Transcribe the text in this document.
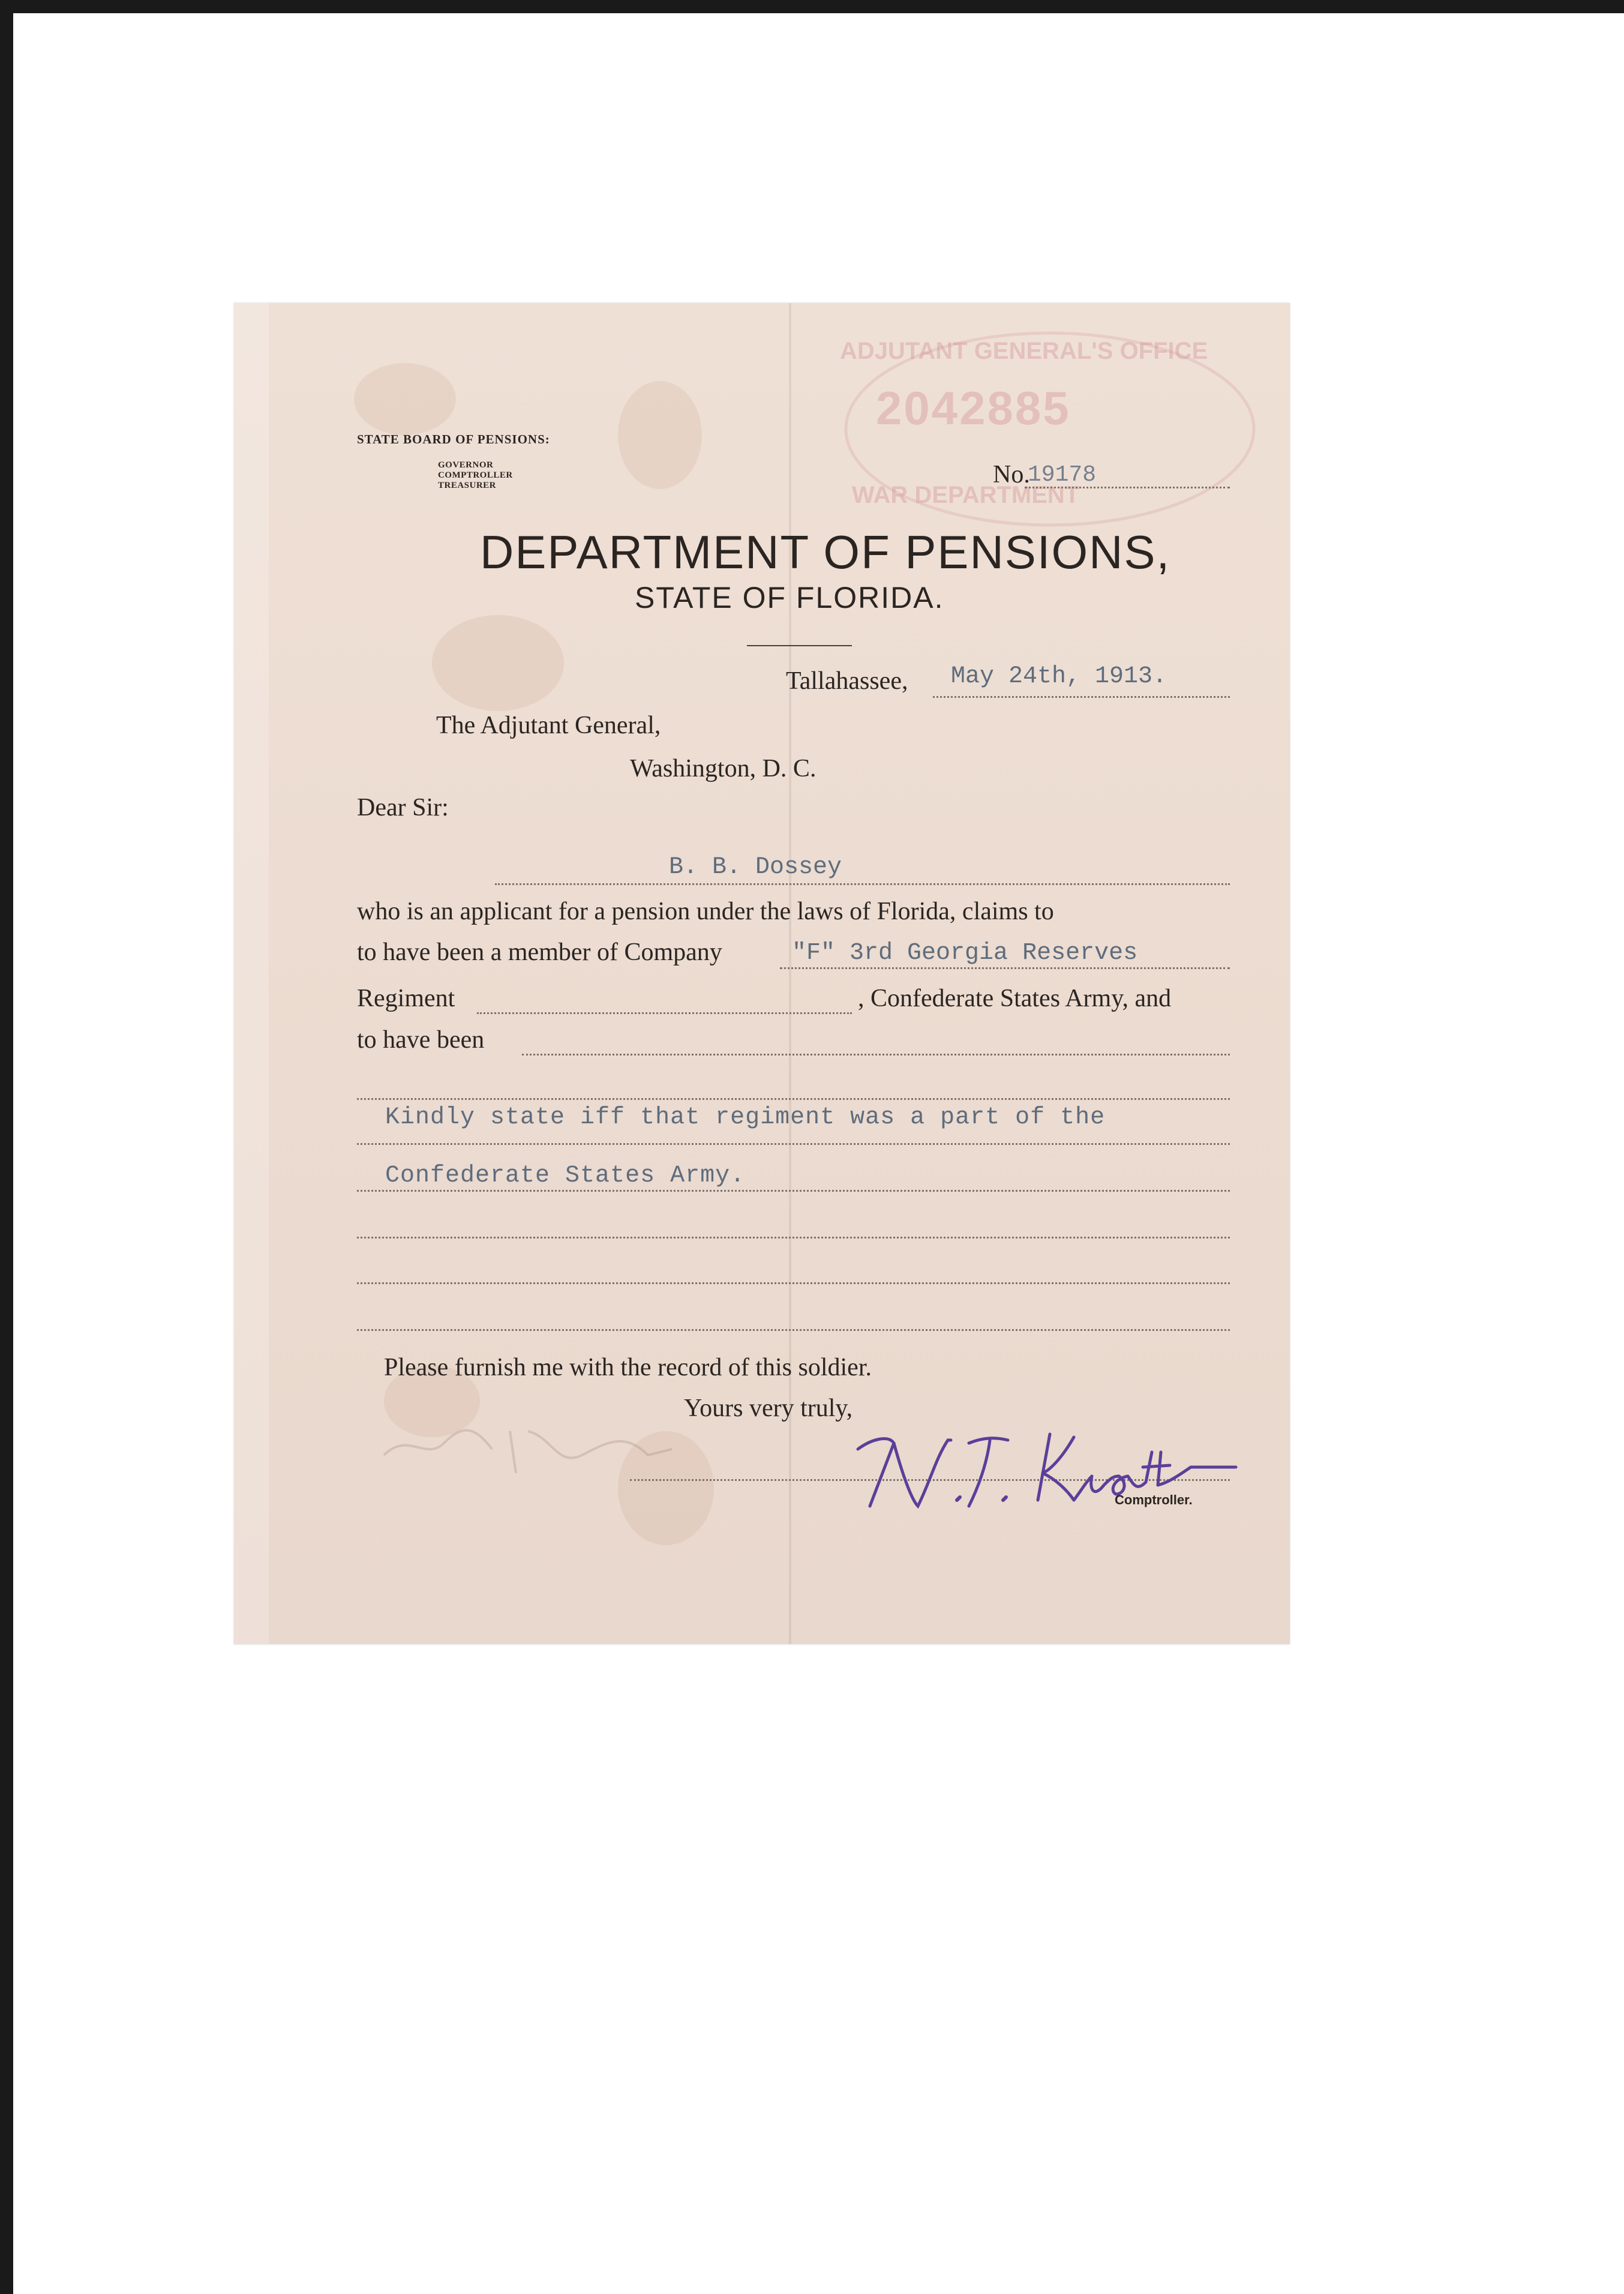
ADJUTANT GENERAL'S OFFICE
2042885
WAR DEPARTMENT
STATE BOARD OF PENSIONS:
GOVERNOR
COMPTROLLER
TREASURER	No.
19178
DEPARTMENT OF PENSIONS,
STATE OF FLORIDA.
Tallahassee, May 24th, 1913.
The Adjutant General,
Washington, D. C.
Dear Sir:
B. B. Dossey
who is an applicant for a pension under the laws of Florida, claims to
to have been a member of Company	"F" 3rd Georgia Reserves
Regiment	, Confederate States Army, and
to have been
Kindly state iff that regiment was a part of the
Confederate States Army.
Please furnish me with the record of this soldier.
Yours very truly,
Comptroller.
